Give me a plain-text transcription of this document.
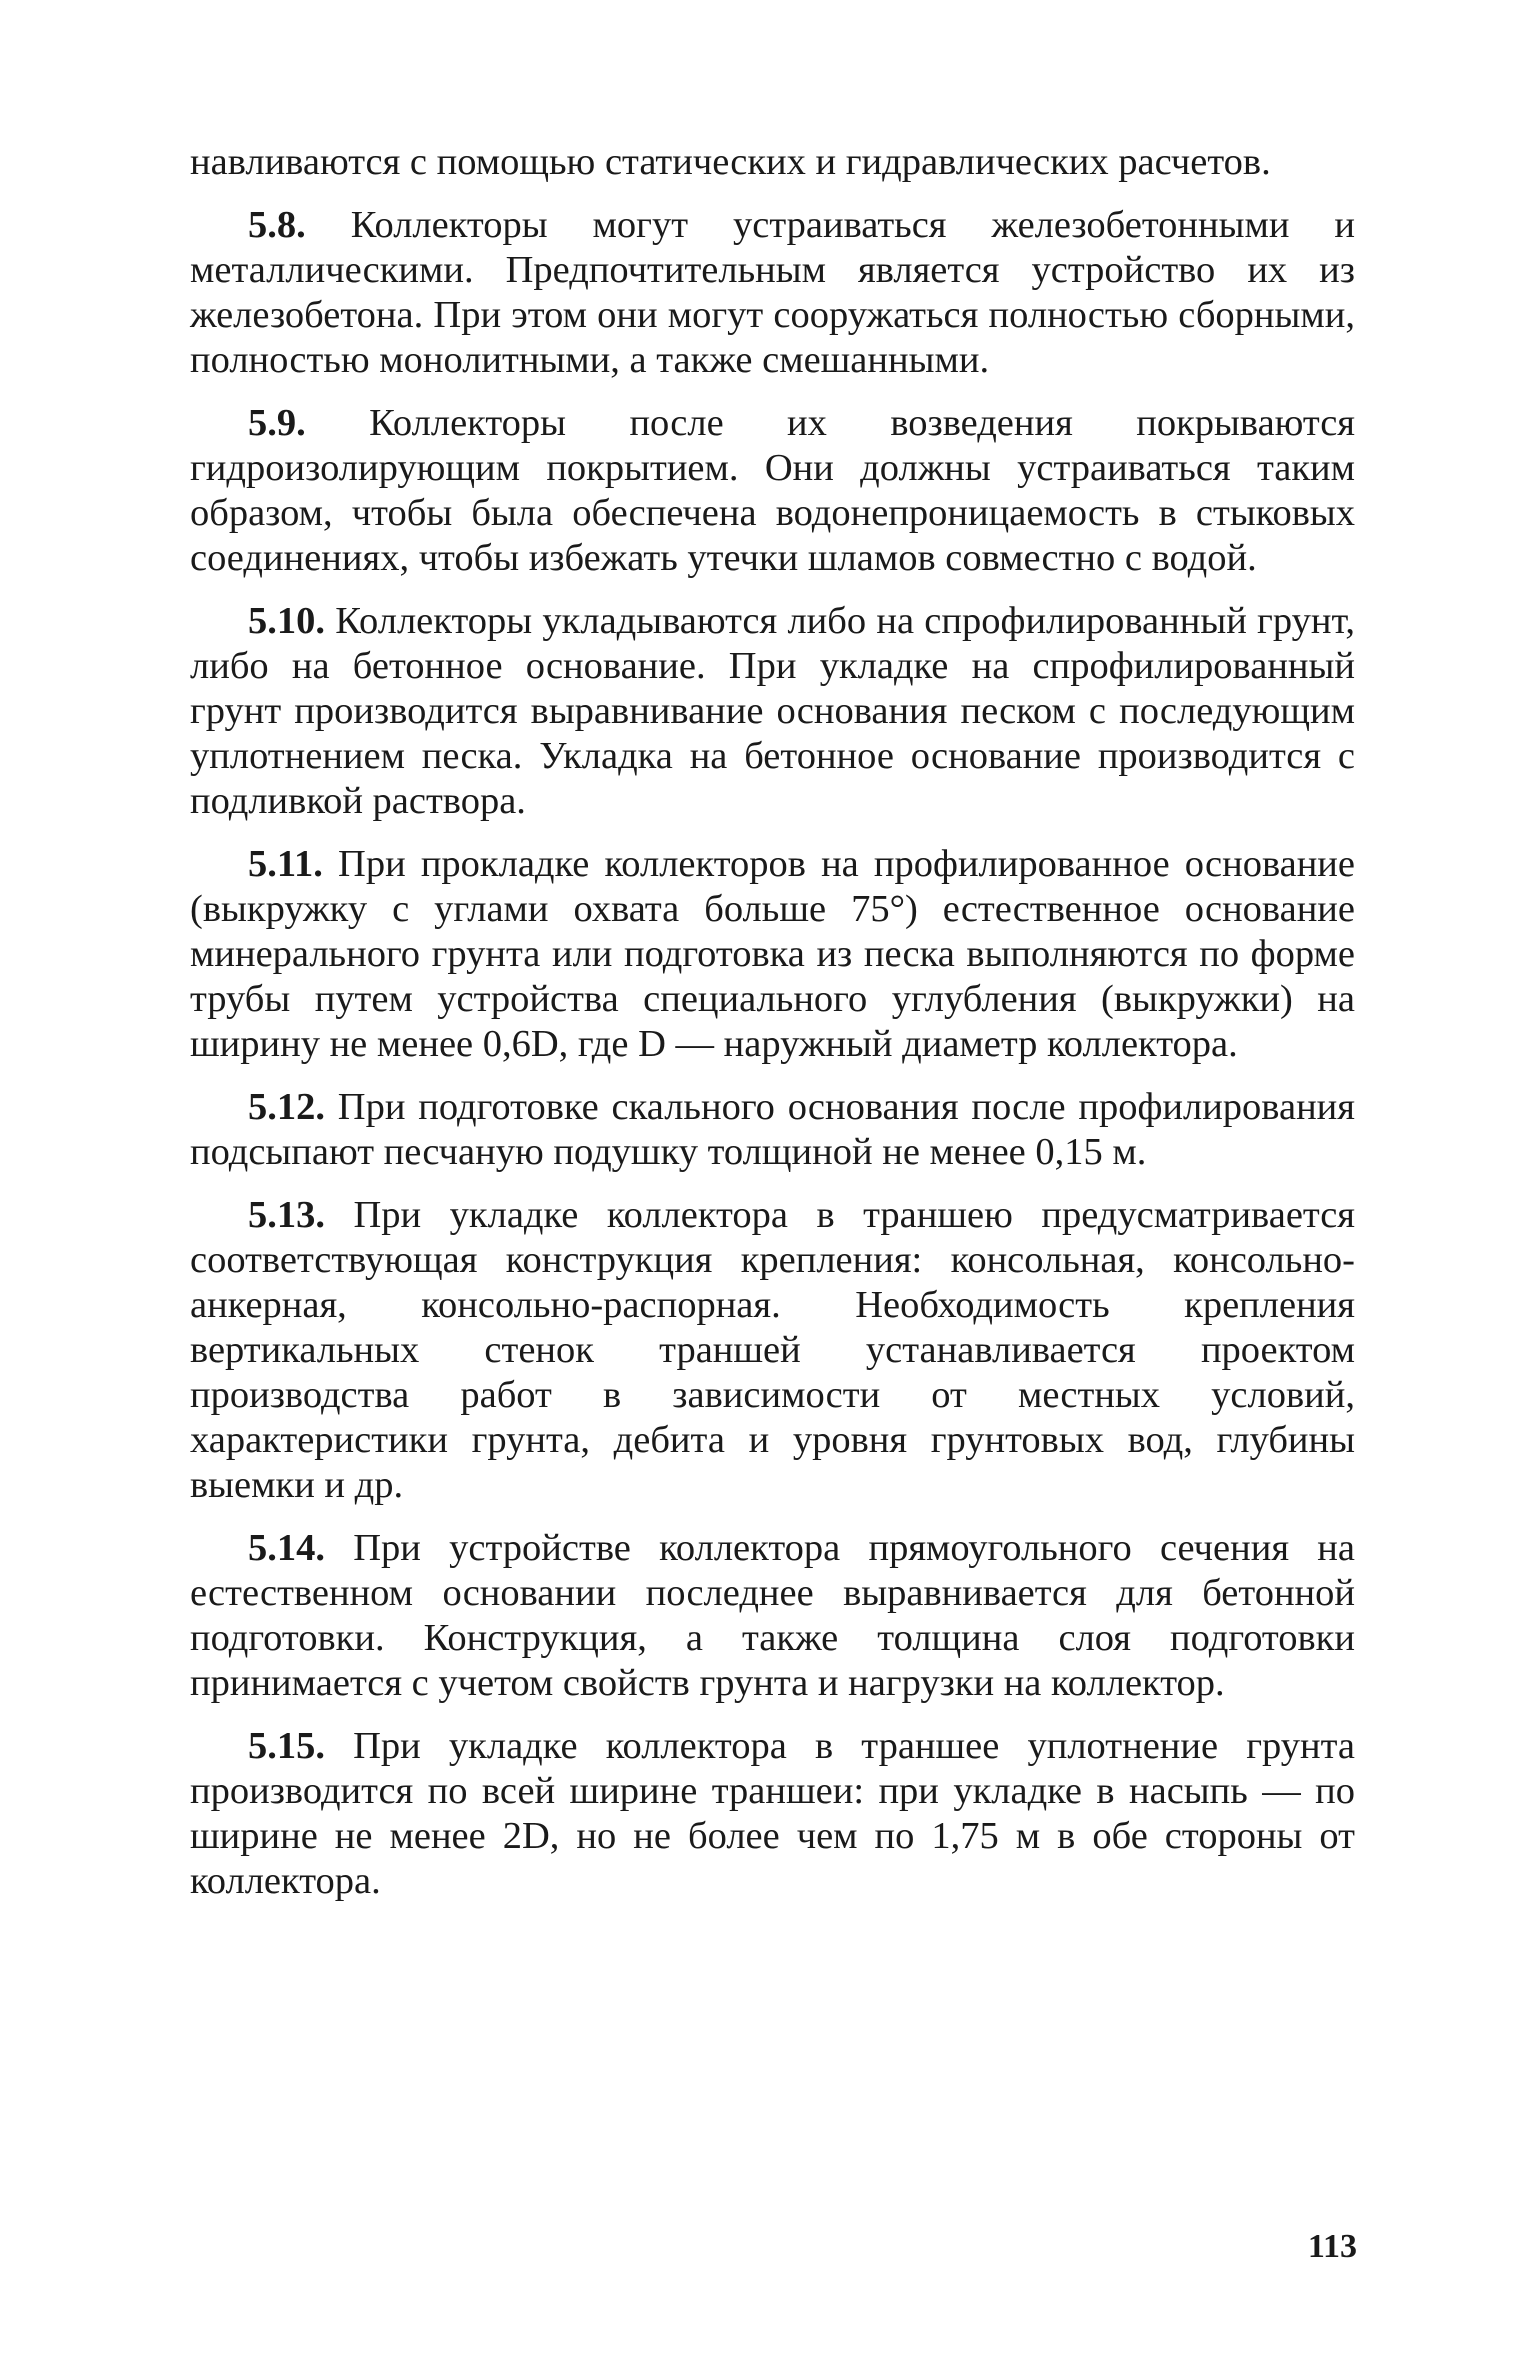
навливаются с помощью статических и гидравлических расчетов.

5.8. Коллекторы могут устраиваться железобетонными и металлическими. Предпочтительным является устройство их из железобетона. При этом они могут сооружаться полностью сборными, полностью монолитными, а также смешанными.

5.9. Коллекторы после их возведения покрываются гидроизолирующим покрытием. Они должны устраиваться таким образом, чтобы была обеспечена водонепроницаемость в стыковых соединениях, чтобы избежать утечки шламов совместно с водой.

5.10. Коллекторы укладываются либо на спрофилированный грунт, либо на бетонное основание. При укладке на спрофилированный грунт производится выравнивание основания песком с последующим уплотнением песка. Укладка на бетонное основание производится с подливкой раствора.

5.11. При прокладке коллекторов на профилированное основание (выкружку с углами охвата больше 75°) естественное основание минерального грунта или подготовка из песка выполняются по форме трубы путем устройства специального углубления (выкружки) на ширину не менее 0,6D, где D — наружный диаметр коллектора.

5.12. При подготовке скального основания после профилирования подсыпают песчаную подушку толщиной не менее 0,15 м.

5.13. При укладке коллектора в траншею предусматривается соответствующая конструкция крепления: консольная, консольно-анкерная, консольно-распорная. Необходимость крепления вертикальных стенок траншей устанавливается проектом производства работ в зависимости от местных условий, характеристики грунта, дебита и уровня грунтовых вод, глубины выемки и др.

5.14. При устройстве коллектора прямоугольного сечения на естественном основании последнее выравнивается для бетонной подготовки. Конструкция, а также толщина слоя подготовки принимается с учетом свойств грунта и нагрузки на коллектор.

5.15. При укладке коллектора в траншее уплотнение грунта производится по всей ширине траншеи: при укладке в насыпь — по ширине не менее 2D, но не более чем по 1,75 м в обе стороны от коллектора.

113
